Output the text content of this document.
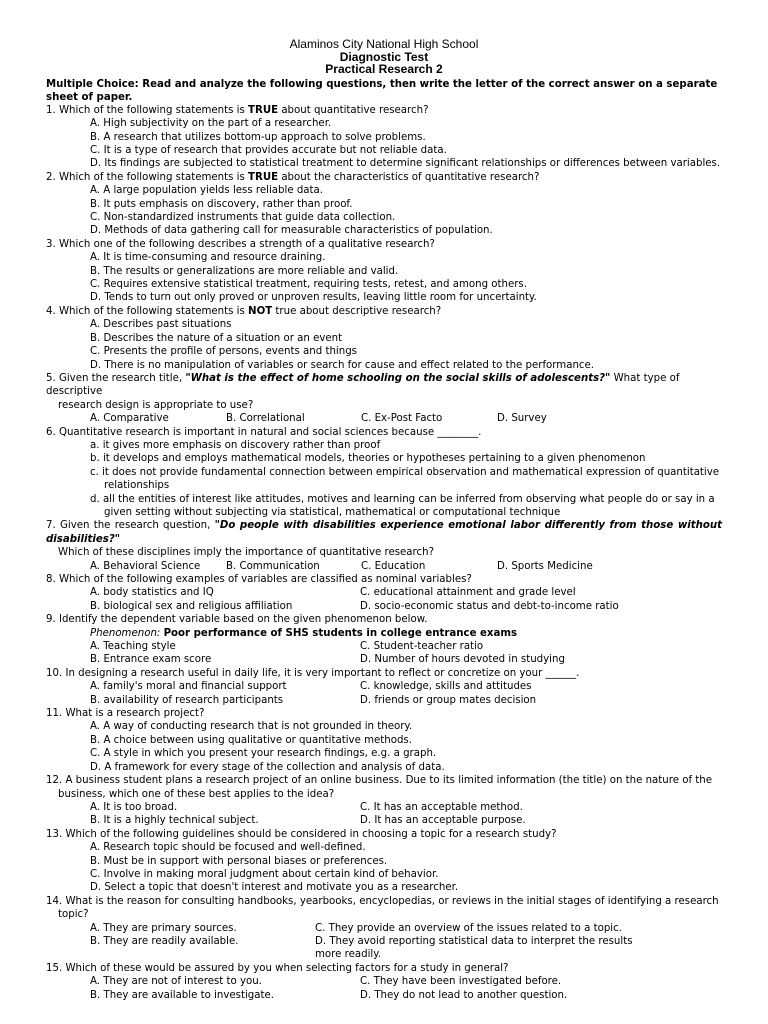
Alaminos City National High School
Diagnostic Test
Practical Research 2
Multiple Choice: Read and analyze the following questions, then write the letter of the correct answer on a separate sheet of paper.
1. Which of the following statements is TRUE about quantitative research?
A. High subjectivity on the part of a researcher.
B. A research that utilizes bottom-up approach to solve problems.
C. It is a type of research that provides accurate but not reliable data.
D. Its findings are subjected to statistical treatment to determine significant relationships or differences between variables.
2. Which of the following statements is TRUE about the characteristics of quantitative research?
A. A large population yields less reliable data.
B. It puts emphasis on discovery, rather than proof.
C. Non-standardized instruments that guide data collection.
D. Methods of data gathering call for measurable characteristics of population.
3. Which one of the following describes a strength of a qualitative research?
A. It is time-consuming and resource draining.
B. The results or generalizations are more reliable and valid.
C. Requires extensive statistical treatment, requiring tests, retest, and among others.
D. Tends to turn out only proved or unproven results, leaving little room for uncertainty.
4. Which of the following statements is NOT true about descriptive research?
A. Describes past situations
B. Describes the nature of a situation or an event
C. Presents the profile of persons, events and things
D. There is no manipulation of variables or search for cause and effect related to the performance.
5. Given the research title, "What is the effect of home schooling on the social skills of adolescents?" What type of descriptive
research design is appropriate to use?
A. Comparative	B. Correlational	C. Ex-Post Facto	D. Survey
6. Quantitative research is important in natural and social sciences because ________.
a. it gives more emphasis on discovery rather than proof
b. it develops and employs mathematical models, theories or hypotheses pertaining to a given phenomenon
c. it does not provide fundamental connection between empirical observation and mathematical expression of quantitative
relationships
d. all the entities of interest like attitudes, motives and learning can be inferred from observing what people do or say in a
given setting without subjecting via statistical, mathematical or computational technique
7. Given the research question, "Do people with disabilities experience emotional labor differently from those without
disabilities?"
Which of these disciplines imply the importance of quantitative research?
A. Behavioral Science	B. Communication	C. Education	D. Sports Medicine
8. Which of the following examples of variables are classified as nominal variables?
A. body statistics and IQ	C. educational attainment and grade level
B. biological sex and religious affiliation	D. socio-economic status and debt-to-income ratio
9. Identify the dependent variable based on the given phenomenon below.
Phenomenon: Poor performance of SHS students in college entrance exams
A. Teaching style	C. Student-teacher ratio
B. Entrance exam score	D. Number of hours devoted in studying
10. In designing a research useful in daily life, it is very important to reflect or concretize on your ______.
A. family's moral and financial support	C. knowledge, skills and attitudes
B. availability of research participants	D. friends or group mates decision
11. What is a research project?
A. A way of conducting research that is not grounded in theory.
B. A choice between using qualitative or quantitative methods.
C. A style in which you present your research findings, e.g. a graph.
D. A framework for every stage of the collection and analysis of data.
12. A business student plans a research project of an online business. Due to its limited information (the title) on the nature of the
business, which one of these best applies to the idea?
A. It is too broad.	C. It has an acceptable method.
B. It is a highly technical subject.	D. It has an acceptable purpose.
13. Which of the following guidelines should be considered in choosing a topic for a research study?
A. Research topic should be focused and well-defined.
B. Must be in support with personal biases or preferences.
C. Involve in making moral judgment about certain kind of behavior.
D. Select a topic that doesn't interest and motivate you as a researcher.
14. What is the reason for consulting handbooks, yearbooks, encyclopedias, or reviews in the initial stages of identifying a research
topic?
A. They are primary sources.	C. They provide an overview of the issues related to a topic.
B. They are readily available.	D. They avoid reporting statistical data to interpret the results more readily.
15. Which of these would be assured by you when selecting factors for a study in general?
A. They are not of interest to you.	C. They have been investigated before.
B. They are available to investigate.	D. They do not lead to another question.
